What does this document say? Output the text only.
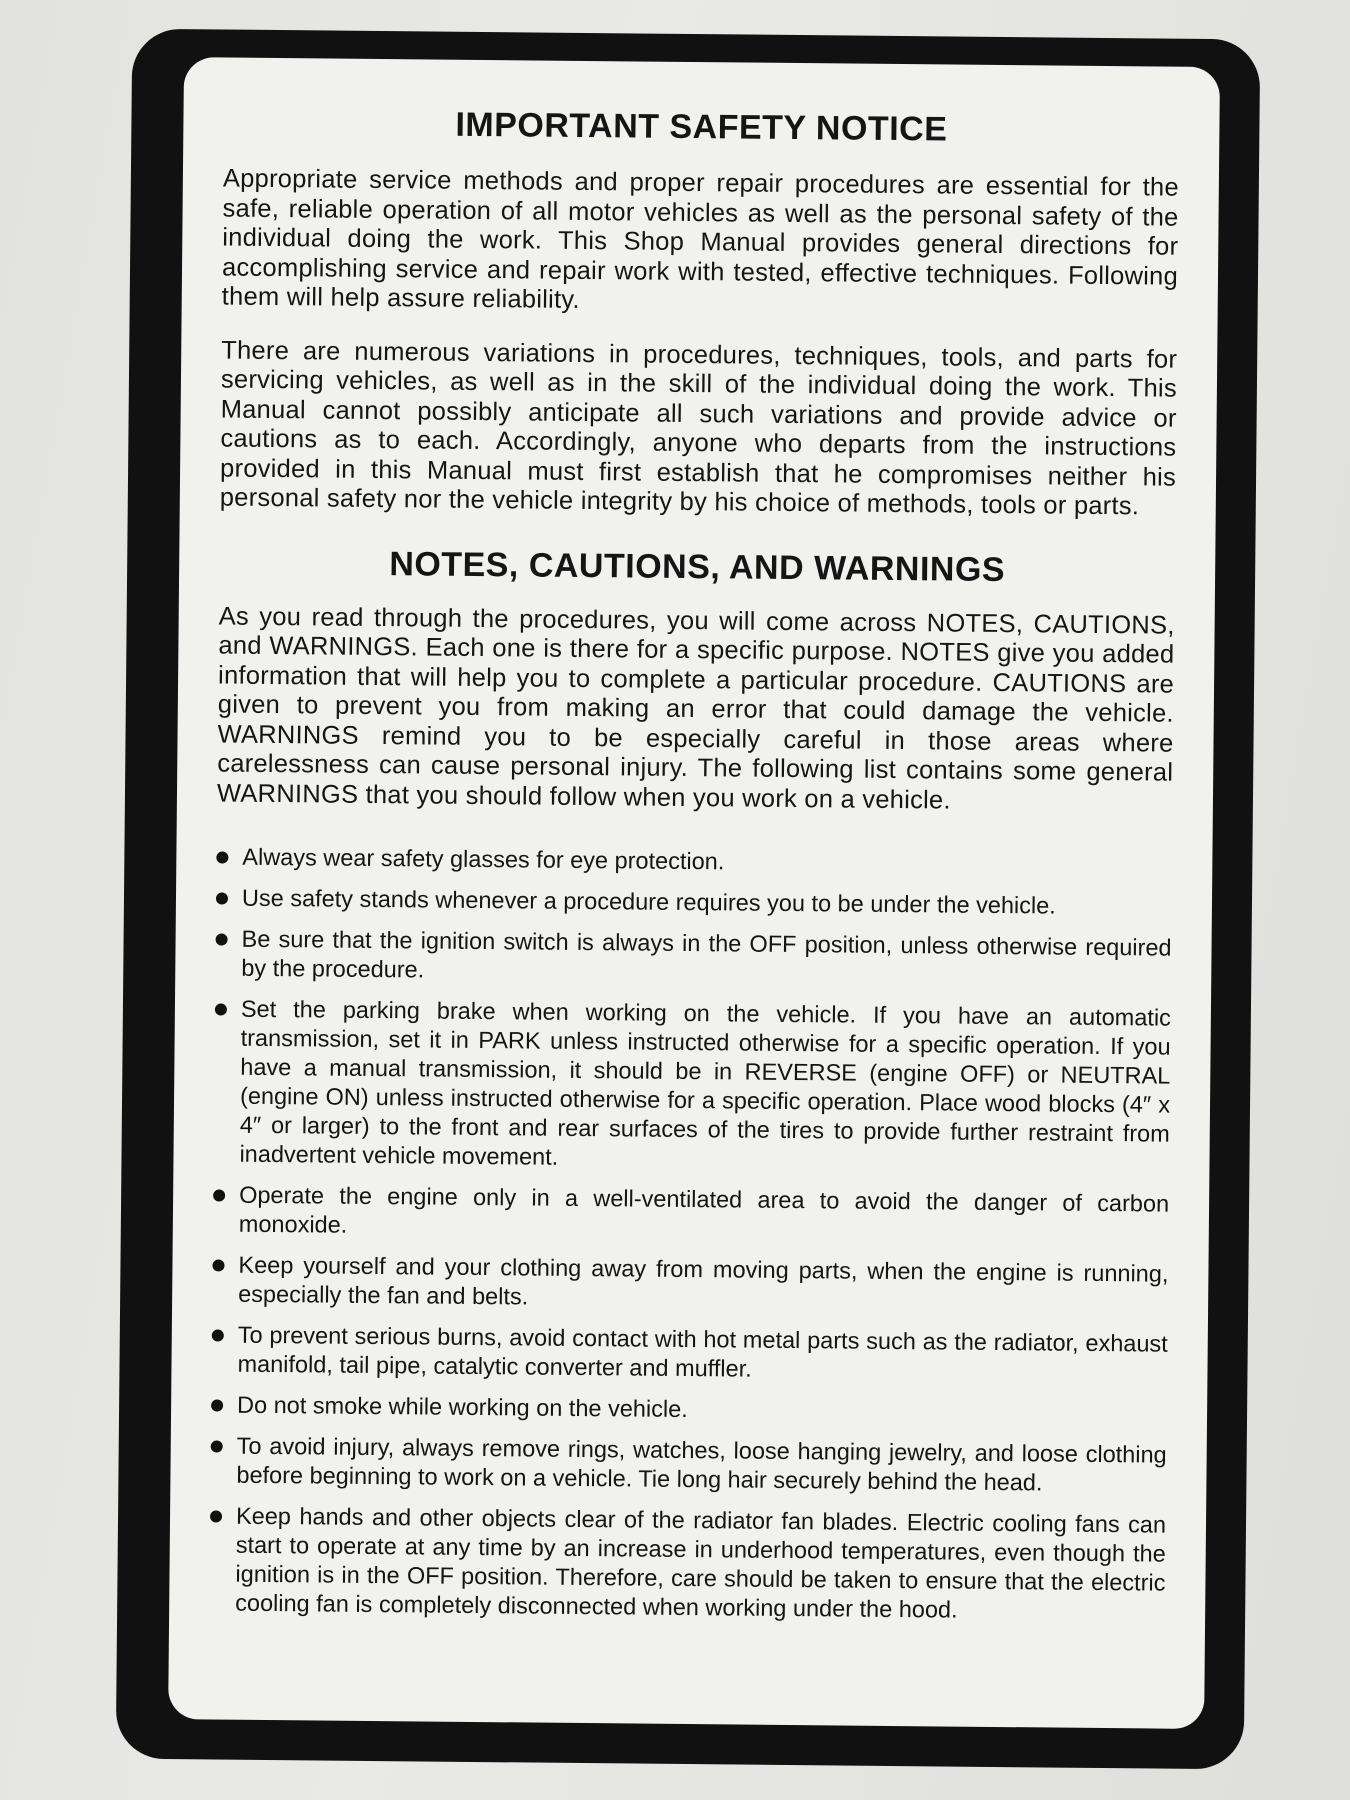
IMPORTANT SAFETY NOTICE

Appropriate service methods and proper repair procedures are essential for the safe, reliable operation of all motor vehicles as well as the personal safety of the individual doing the work. This Shop Manual provides general directions for accomplishing service and repair work with tested, effective techniques. Following them will help assure reliability.

There are numerous variations in procedures, techniques, tools, and parts for servicing vehicles, as well as in the skill of the individual doing the work. This Manual cannot possibly anticipate all such variations and provide advice or cautions as to each. Accordingly, anyone who departs from the instructions provided in this Manual must first establish that he compromises neither his personal safety nor the vehicle integrity by his choice of methods, tools or parts.

NOTES, CAUTIONS, AND WARNINGS

As you read through the procedures, you will come across NOTES, CAUTIONS, and WARNINGS. Each one is there for a specific purpose. NOTES give you added information that will help you to complete a particular procedure. CAUTIONS are given to prevent you from making an error that could damage the vehicle. WARNINGS remind you to be especially careful in those areas where carelessness can cause personal injury. The following list contains some general WARNINGS that you should follow when you work on a vehicle.

Always wear safety glasses for eye protection.
Use safety stands whenever a procedure requires you to be under the vehicle.
Be sure that the ignition switch is always in the OFF position, unless otherwise required by the procedure.
Set the parking brake when working on the vehicle. If you have an automatic transmission, set it in PARK unless instructed otherwise for a specific operation. If you have a manual transmission, it should be in REVERSE (engine OFF) or NEUTRAL (engine ON) unless instructed otherwise for a specific operation. Place wood blocks (4″ x 4″ or larger) to the front and rear surfaces of the tires to provide further restraint from inadvertent vehicle movement.
Operate the engine only in a well-ventilated area to avoid the danger of carbon monoxide.
Keep yourself and your clothing away from moving parts, when the engine is running, especially the fan and belts.
To prevent serious burns, avoid contact with hot metal parts such as the radiator, exhaust manifold, tail pipe, catalytic converter and muffler.
Do not smoke while working on the vehicle.
To avoid injury, always remove rings, watches, loose hanging jewelry, and loose clothing before beginning to work on a vehicle. Tie long hair securely behind the head.
Keep hands and other objects clear of the radiator fan blades. Electric cooling fans can start to operate at any time by an increase in underhood temperatures, even though the ignition is in the OFF position. Therefore, care should be taken to ensure that the electric cooling fan is completely disconnected when working under the hood.
